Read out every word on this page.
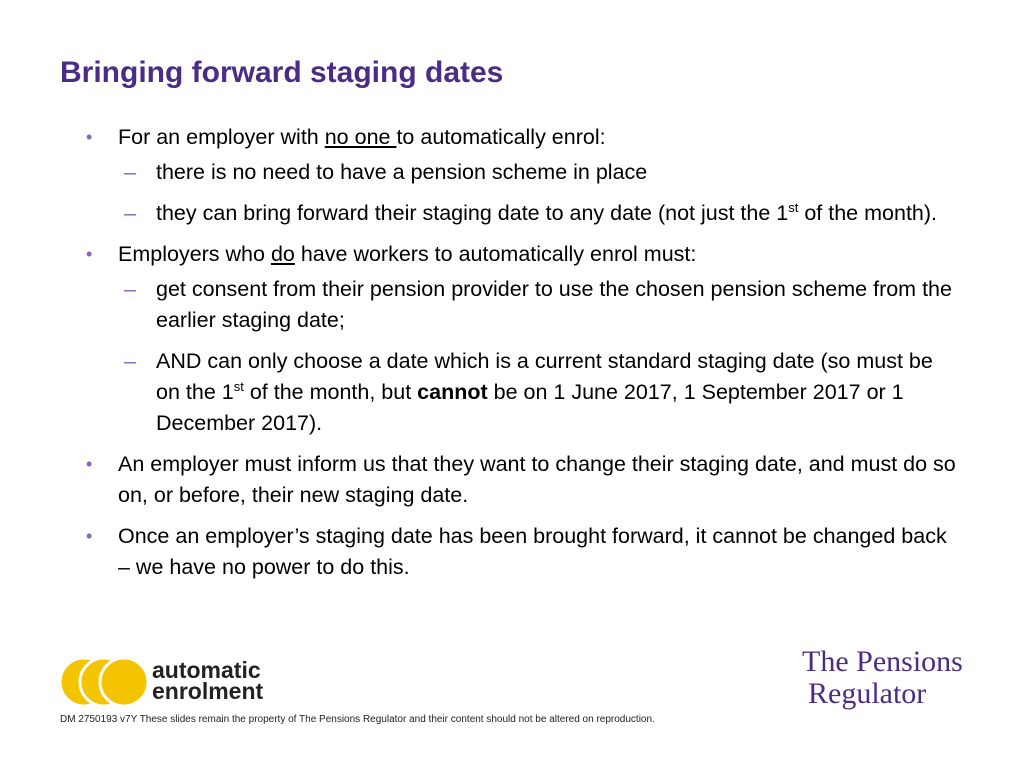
Bringing forward staging dates
• For an employer with no one to automatically enrol:
– there is no need to have a pension scheme in place
– they can bring forward their staging date to any date (not just the 1st of the month).
• Employers who do have workers to automatically enrol must:
– get consent from their pension provider to use the chosen pension scheme from the earlier staging date;
– AND can only choose a date which is a current standard staging date (so must be on the 1st of the month, but cannot be on 1 June 2017, 1 September 2017 or 1 December 2017).
• An employer must inform us that they want to change their staging date, and must do so on, or before, their new staging date.
• Once an employer’s staging date has been brought forward, it cannot be changed back – we have no power to do this.
automatic
enrolment
The Pensions
Regulator
DM 2750193 v7Y These slides remain the property of The Pensions Regulator and their content should not be altered on reproduction.
